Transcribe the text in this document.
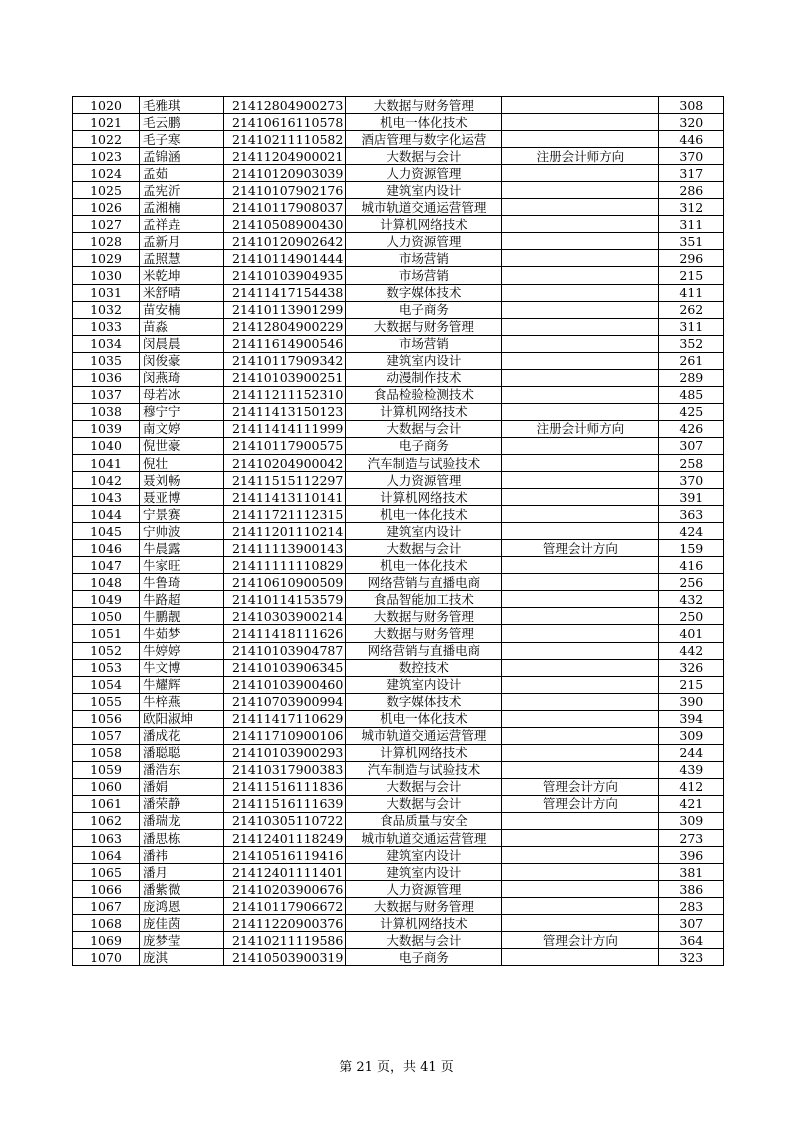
1020	毛雅琪	21412804900273	大数据与财务管理		308
1021	毛云鹏	21410616110578	机电一体化技术		320
1022	毛子寒	21410211110582	酒店管理与数字化运营		446
1023	孟锦涵	21411204900021	大数据与会计	注册会计师方向	370
1024	孟茹	21410120903039	人力资源管理		317
1025	孟宪沂	21410107902176	建筑室内设计		286
1026	孟湘楠	21410117908037	城市轨道交通运营管理		312
1027	孟祥垚	21410508900430	计算机网络技术		311
1028	孟新月	21410120902642	人力资源管理		351
1029	孟照慧	21410114901444	市场营销		296
1030	米乾坤	21410103904935	市场营销		215
1031	米舒晴	21411417154438	数字媒体技术		411
1032	苗安楠	21410113901299	电子商务		262
1033	苗淼	21412804900229	大数据与财务管理		311
1034	闵晨晨	21411614900546	市场营销		352
1035	闵俊豪	21410117909342	建筑室内设计		261
1036	闵燕琦	21410103900251	动漫制作技术		289
1037	母若冰	21411211152310	食品检验检测技术		485
1038	穆宁宁	21411413150123	计算机网络技术		425
1039	南文婷	21411414111999	大数据与会计	注册会计师方向	426
1040	倪世豪	21410117900575	电子商务		307
1041	倪壮	21410204900042	汽车制造与试验技术		258
1042	聂刘畅	21411515112297	人力资源管理		370
1043	聂亚博	21411413110141	计算机网络技术		391
1044	宁景赛	21411721112315	机电一体化技术		363
1045	宁帅波	21411201110214	建筑室内设计		424
1046	牛晨露	21411113900143	大数据与会计	管理会计方向	159
1047	牛家旺	21411111110829	机电一体化技术		416
1048	牛鲁琦	21410610900509	网络营销与直播电商		256
1049	牛路超	21410114153579	食品智能加工技术		432
1050	牛鹏靓	21410303900214	大数据与财务管理		250
1051	牛茹梦	21411418111626	大数据与财务管理		401
1052	牛婷婷	21410103904787	网络营销与直播电商		442
1053	牛文博	21410103906345	数控技术		326
1054	牛耀辉	21410103900460	建筑室内设计		215
1055	牛梓燕	21410703900994	数字媒体技术		390
1056	欧阳淑坤	21411417110629	机电一体化技术		394
1057	潘成花	21411710900106	城市轨道交通运营管理		309
1058	潘聪聪	21410103900293	计算机网络技术		244
1059	潘浩东	21410317900383	汽车制造与试验技术		439
1060	潘娟	21411516111836	大数据与会计	管理会计方向	412
1061	潘荣静	21411516111639	大数据与会计	管理会计方向	421
1062	潘瑞龙	21410305110722	食品质量与安全		309
1063	潘思栋	21412401118249	城市轨道交通运营管理		273
1064	潘祎	21410516119416	建筑室内设计		396
1065	潘月	21412401111401	建筑室内设计		381
1066	潘紫微	21410203900676	人力资源管理		386
1067	庞鸿恩	21410117906672	大数据与财务管理		283
1068	庞佳茵	21411220900376	计算机网络技术		307
1069	庞梦莹	21410211119586	大数据与会计	管理会计方向	364
1070	庞淇	21410503900319	电子商务		323
第 21 页，共 41 页
